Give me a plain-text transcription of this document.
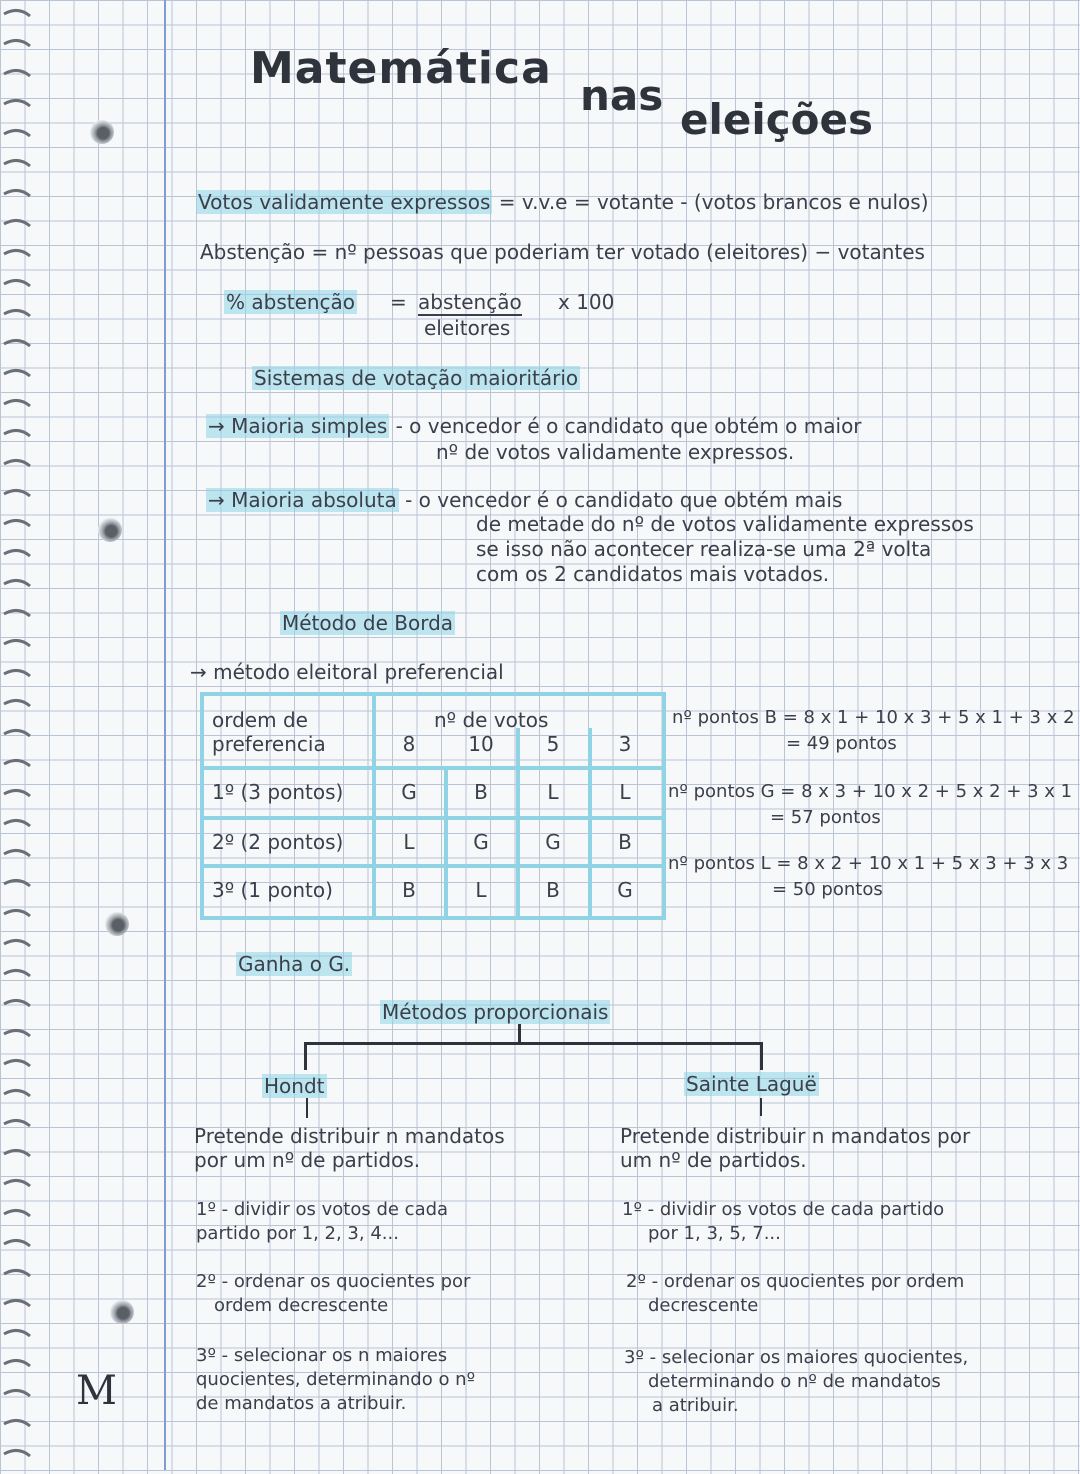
M
Matemática
nas eleições
Votos validamente expressos = v.v.e = votante - (votos brancos e nulos)
Abstenção = nº pessoas que poderiam ter votado (eleitores) − votantes
% abstenção = abstenção
eleitores
x 100
Sistemas de votação maioritário
→ Maioria simples - o vencedor é o candidato que obtém o maior
nº de votos validamente expressos.
→ Maioria absoluta - o vencedor é o candidato que obtém mais
de metade do nº de votos validamente expressos
se isso não acontecer realiza-se uma 2ª volta
com os 2 candidatos mais votados.
Método de Borda
→ método eleitoral preferencial
ordem de
preferencia
nº de votos
8	10	5	3
1º (3 pontos)	G	B	L	L
2º (2 pontos)	L	G	G	B
3º (1 ponto)	B	L	B	G
nº pontos B = 8 x 1 + 10 x 3 + 5 x 1 + 3 x 2
= 49 pontos
nº pontos G = 8 x 3 + 10 x 2 + 5 x 2 + 3 x 1
= 57 pontos
nº pontos L = 8 x 2 + 10 x 1 + 5 x 3 + 3 x 3
= 50 pontos
Ganha o G.
Métodos proporcionais
Hondt
Pretende distribuir n mandatos
por um nº de partidos.
1º - dividir os votos de cada
partido por 1, 2, 3, 4...
2º - ordenar os quocientes por
ordem decrescente
3º - selecionar os n maiores
quocientes, determinando o nº
de mandatos a atribuir.
Sainte Laguë
Pretende distribuir n mandatos por
um nº de partidos.
1º - dividir os votos de cada partido
por 1, 3, 5, 7...
2º - ordenar os quocientes por ordem
decrescente
3º - selecionar os maiores quocientes,
determinando o nº de mandatos
a atribuir.
